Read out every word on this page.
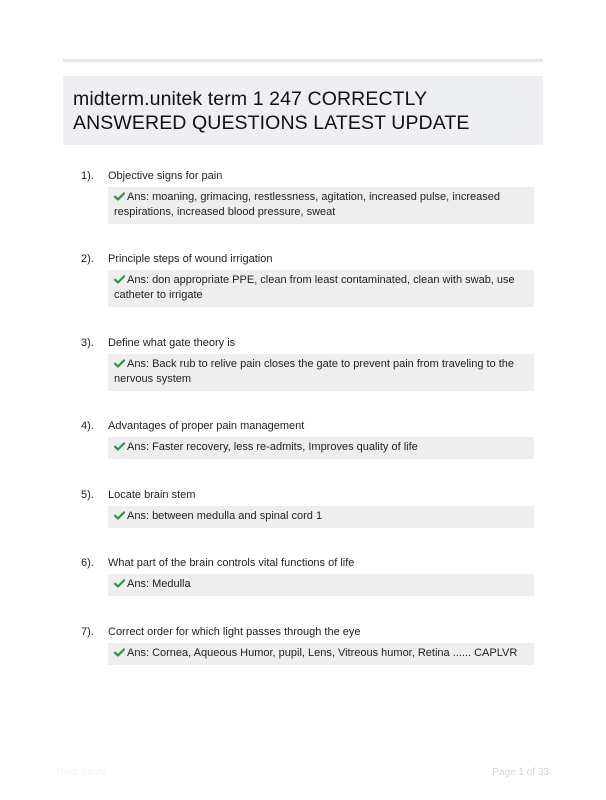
midterm.unitek term 1 247 CORRECTLY ANSWERED QUESTIONS LATEST UPDATE
1). Objective signs for pain
Ans: moaning, grimacing, restlessness, agitation, increased pulse, increased respirations, increased blood pressure, sweat
2). Principle steps of wound irrigation
Ans: don appropriate PPE, clean from least contaminated, clean with swab, use catheter to irrigate
3). Define what gate theory is
Ans: Back rub to relive pain closes the gate to prevent pain from traveling to the nervous system
4). Advantages of proper pain management
Ans: Faster recovery, less re-admits, Improves quality of life
5). Locate brain stem
Ans: between medulla and spinal cord 1
6). What part of the brain controls vital functions of life
Ans: Medulla
7). Correct order for which light passes through the eye
Ans: Cornea, Aqueous Humor, pupil, Lens, Vitreous humor, Retina ...... CAPLVR
Rest Study	Page 1 of 33
